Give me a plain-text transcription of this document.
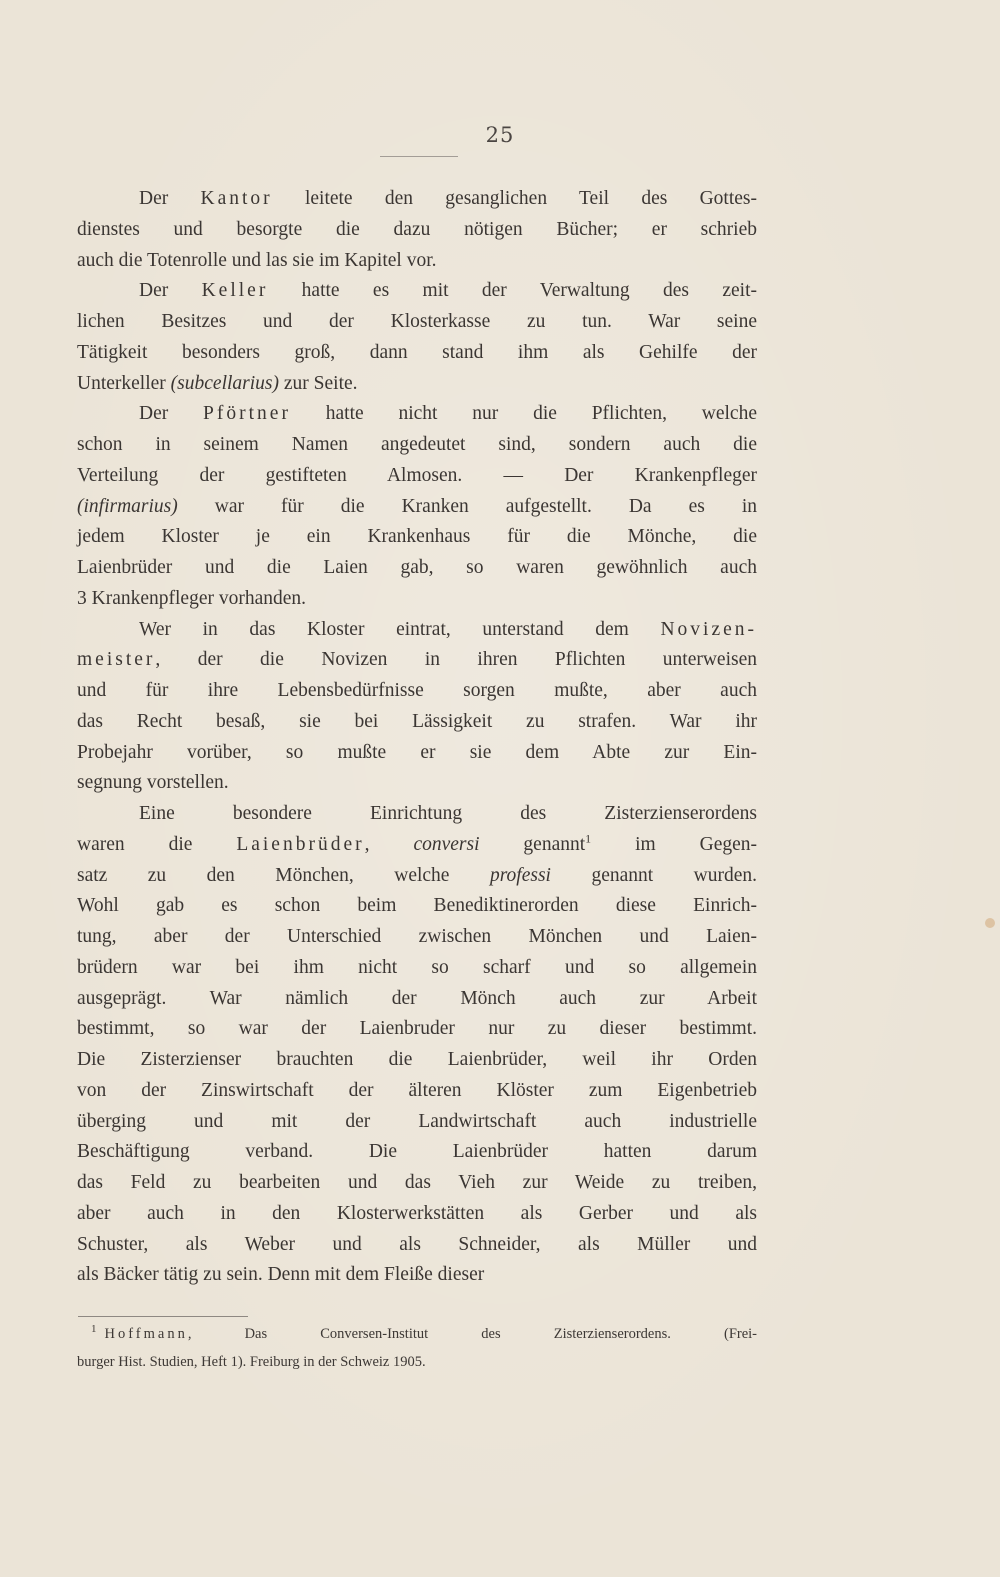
25
Der Kantor leitete den gesanglichen Teil des Gottes-
dienstes und besorgte die dazu nötigen Bücher; er schrieb
auch die Totenrolle und las sie im Kapitel vor.
Der Keller hatte es mit der Verwaltung des zeit-
lichen Besitzes und der Klosterkasse zu tun. War seine
Tätigkeit besonders groß, dann stand ihm als Gehilfe der
Unterkeller (subcellarius) zur Seite.
Der Pförtner hatte nicht nur die Pflichten, welche
schon in seinem Namen angedeutet sind, sondern auch die
Verteilung der gestifteten Almosen. — Der Krankenpfleger
(infirmarius) war für die Kranken aufgestellt. Da es in
jedem Kloster je ein Krankenhaus für die Mönche, die
Laienbrüder und die Laien gab, so waren gewöhnlich auch
3 Krankenpfleger vorhanden.
Wer in das Kloster eintrat, unterstand dem Novizen-
meister, der die Novizen in ihren Pflichten unterweisen
und für ihre Lebensbedürfnisse sorgen mußte, aber auch
das Recht besaß, sie bei Lässigkeit zu strafen. War ihr
Probejahr vorüber, so mußte er sie dem Abte zur Ein-
segnung vorstellen.
Eine besondere Einrichtung des Zisterzienserordens
waren die Laienbrüder, conversi genannt$^1$ im Gegen-
satz zu den Mönchen, welche professi genannt wurden.
Wohl gab es schon beim Benediktinerorden diese Einrich-
tung, aber der Unterschied zwischen Mönchen und Laien-
brüdern war bei ihm nicht so scharf und so allgemein
ausgeprägt. War nämlich der Mönch auch zur Arbeit
bestimmt, so war der Laienbruder nur zu dieser bestimmt.
Die Zisterzienser brauchten die Laienbrüder, weil ihr Orden
von der Zinswirtschaft der älteren Klöster zum Eigenbetrieb
überging und mit der Landwirtschaft auch industrielle
Beschäftigung verband. Die Laienbrüder hatten darum
das Feld zu bearbeiten und das Vieh zur Weide zu treiben,
aber auch in den Klosterwerkstätten als Gerber und als
Schuster, als Weber und als Schneider, als Müller und
als Bäcker tätig zu sein. Denn mit dem Fleiße dieser
$^1$ Hoffmann, Das Conversen-Institut des Zisterzienserordens. (Frei-
burger Hist. Studien, Heft 1). Freiburg in der Schweiz 1905.
